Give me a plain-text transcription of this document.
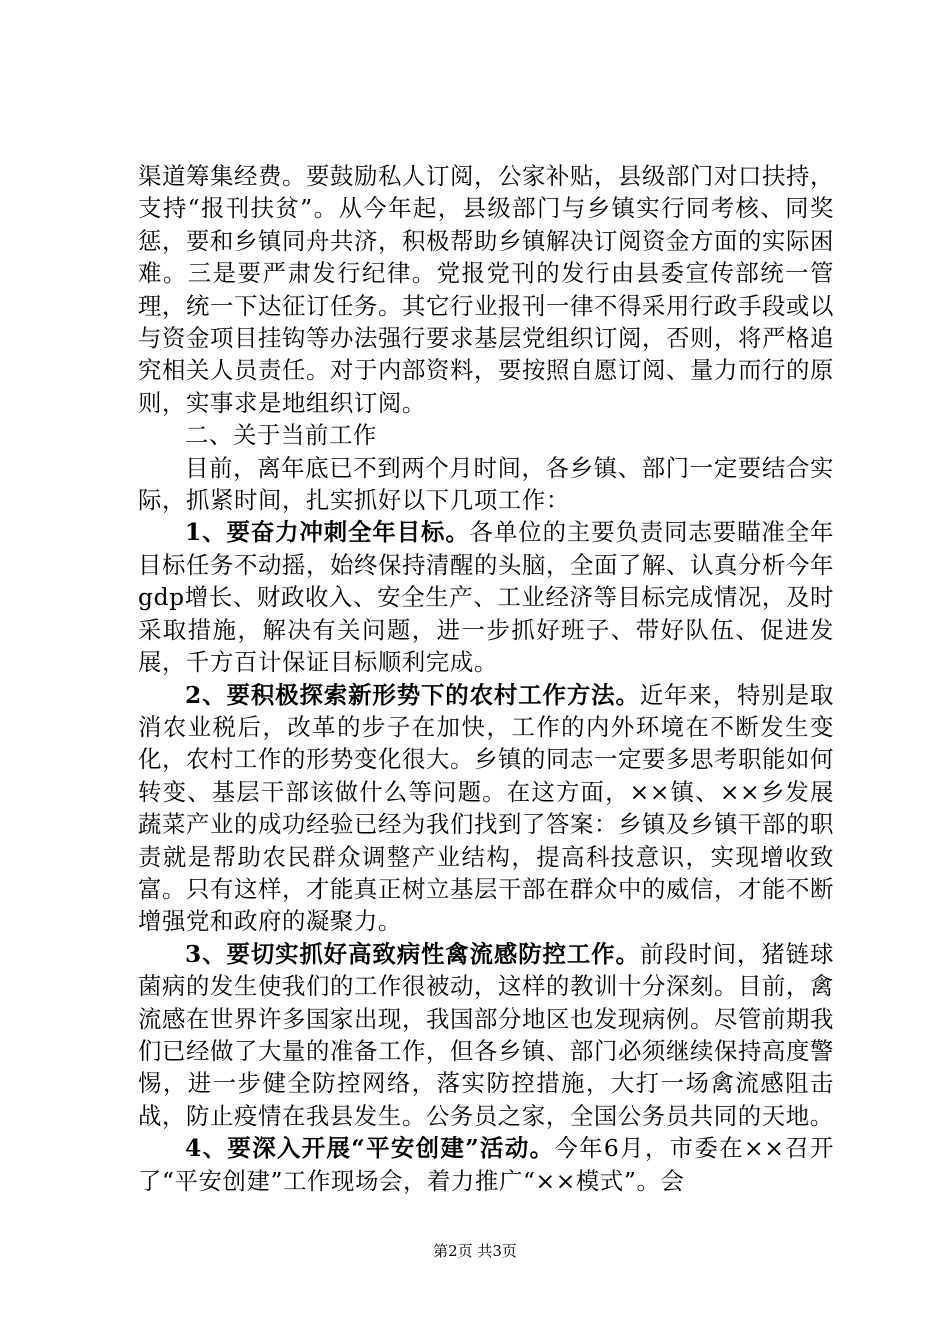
渠道筹集经费。要鼓励私人订阅，公家补贴，县级部门对口扶持，支持“报刊扶贫”。从今年起，县级部门与乡镇实行同考核、同奖惩，要和乡镇同舟共济，积极帮助乡镇解决订阅资金方面的实际困难。三是要严肃发行纪律。党报党刊的发行由县委宣传部统一管理，统一下达征订任务。其它行业报刊一律不得采用行政手段或以与资金项目挂钩等办法强行要求基层党组织订阅，否则，将严格追究相关人员责任。对于内部资料，要按照自愿订阅、量力而行的原则，实事求是地组织订阅。

二、关于当前工作

目前，离年底已不到两个月时间，各乡镇、部门一定要结合实际，抓紧时间，扎实抓好以下几项工作：

1、要奋力冲刺全年目标。各单位的主要负责同志要瞄准全年目标任务不动摇，始终保持清醒的头脑，全面了解、认真分析今年gdp增长、财政收入、安全生产、工业经济等目标完成情况，及时采取措施，解决有关问题，进一步抓好班子、带好队伍、促进发展，千方百计保证目标顺利完成。

2、要积极探索新形势下的农村工作方法。近年来，特别是取消农业税后，改革的步子在加快，工作的内外环境在不断发生变化，农村工作的形势变化很大。乡镇的同志一定要多思考职能如何转变、基层干部该做什么等问题。在这方面，××镇、××乡发展蔬菜产业的成功经验已经为我们找到了答案：乡镇及乡镇干部的职责就是帮助农民群众调整产业结构，提高科技意识，实现增收致富。只有这样，才能真正树立基层干部在群众中的威信，才能不断增强党和政府的凝聚力。

3、要切实抓好高致病性禽流感防控工作。前段时间，猪链球菌病的发生使我们的工作很被动，这样的教训十分深刻。目前，禽流感在世界许多国家出现，我国部分地区也发现病例。尽管前期我们已经做了大量的准备工作，但各乡镇、部门必须继续保持高度警惕，进一步健全防控网络，落实防控措施，大打一场禽流感阻击战，防止疫情在我县发生。公务员之家，全国公务员共同的天地。

4、要深入开展“平安创建”活动。今年6月，市委在××召开了“平安创建”工作现场会，着力推广“××模式”。会

第2页 共3页
